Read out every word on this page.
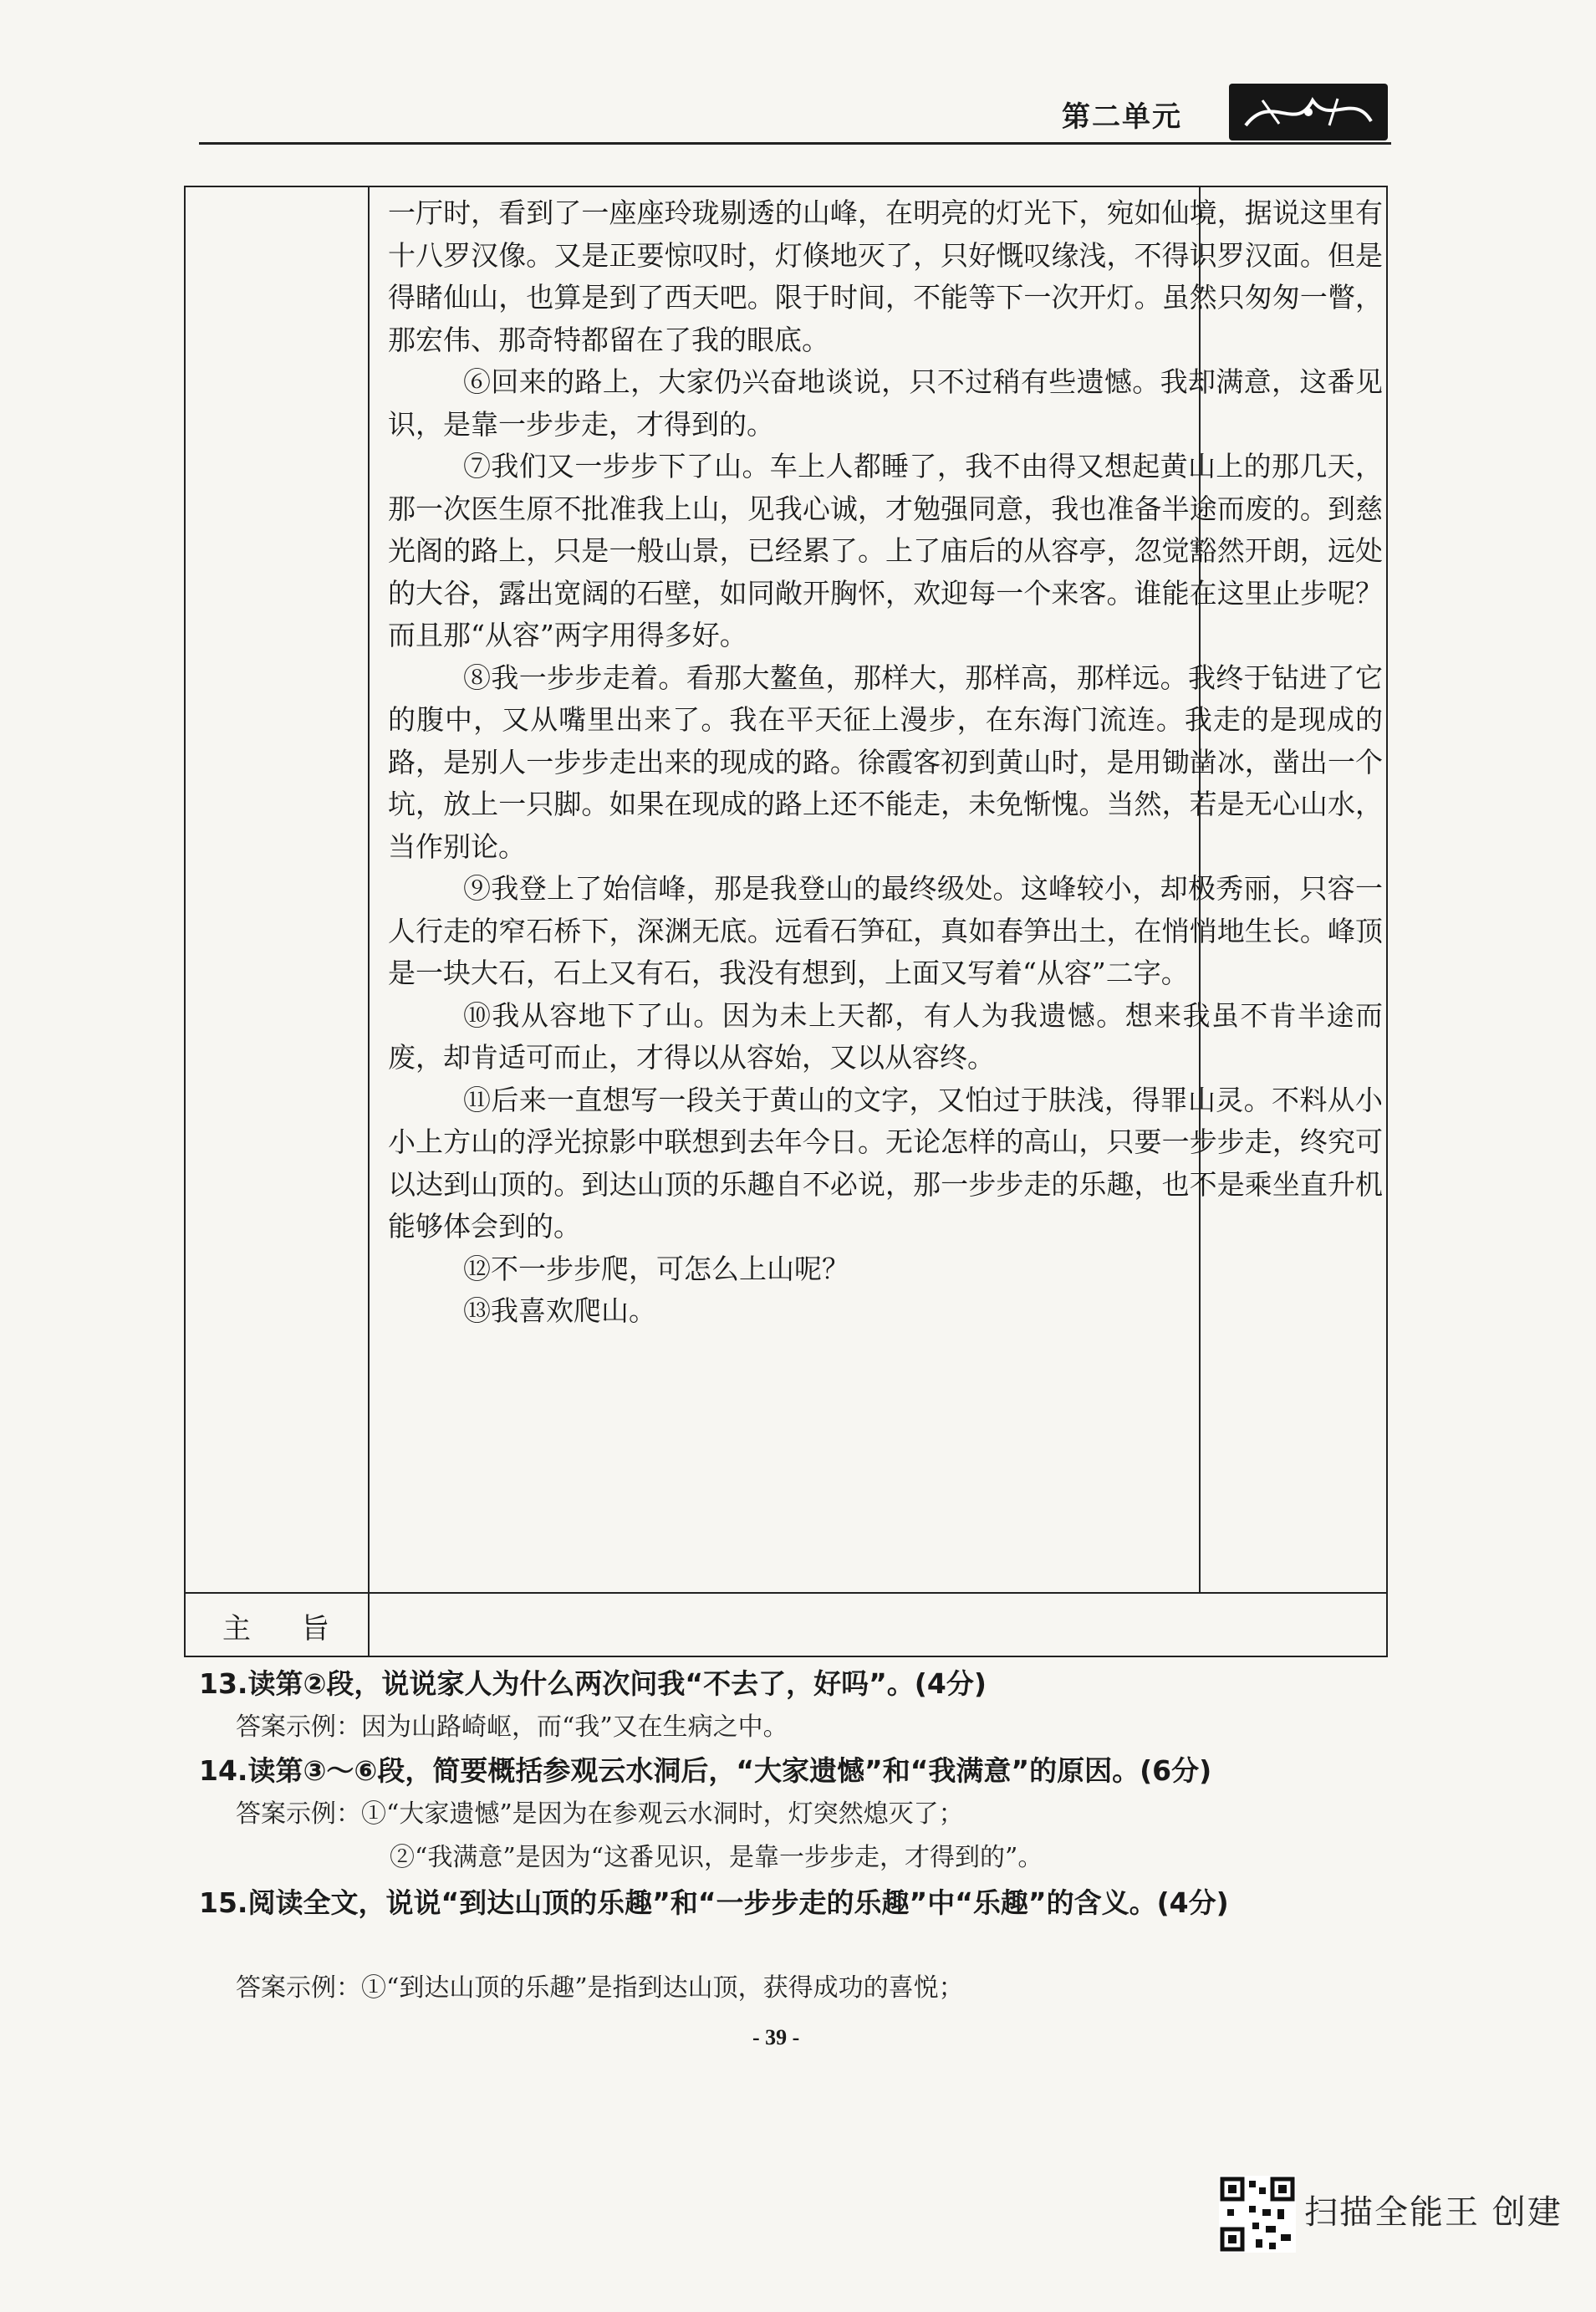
第二单元

一厅时，看到了一座座玲珑剔透的山峰，在明亮的灯光下，宛如仙境，据说这里有十八罗汉像。又是正要惊叹时，灯倏地灭了，只好慨叹缘浅，不得识罗汉面。但是得睹仙山，也算是到了西天吧。限于时间，不能等下一次开灯。虽然只匆匆一瞥，那宏伟、那奇特都留在了我的眼底。

⑥回来的路上，大家仍兴奋地谈说，只不过稍有些遗憾。我却满意，这番见识，是靠一步步走，才得到的。

⑦我们又一步步下了山。车上人都睡了，我不由得又想起黄山上的那几天，那一次医生原不批准我上山，见我心诚，才勉强同意，我也准备半途而废的。到慈光阁的路上，只是一般山景，已经累了。上了庙后的从容亭，忽觉豁然开朗，远处的大谷，露出宽阔的石壁，如同敞开胸怀，欢迎每一个来客。谁能在这里止步呢？而且那“从容”两字用得多好。

⑧我一步步走着。看那大鳌鱼，那样大，那样高，那样远。我终于钻进了它的腹中，又从嘴里出来了。我在平天征上漫步，在东海门流连。我走的是现成的路，是别人一步步走出来的现成的路。徐霞客初到黄山时，是用锄凿冰，凿出一个坑，放上一只脚。如果在现成的路上还不能走，未免惭愧。当然，若是无心山水，当作别论。

⑨我登上了始信峰，那是我登山的最终级处。这峰较小，却极秀丽，只容一人行走的窄石桥下，深渊无底。远看石笋矼，真如春笋出土，在悄悄地生长。峰顶是一块大石，石上又有石，我没有想到，上面又写着“从容”二字。

⑩我从容地下了山。因为未上天都，有人为我遗憾。想来我虽不肯半途而废，却肯适可而止，才得以从容始，又以从容终。

⑪后来一直想写一段关于黄山的文字，又怕过于肤浅，得罪山灵。不料从小小上方山的浮光掠影中联想到去年今日。无论怎样的高山，只要一步步走，终究可以达到山顶的。到达山顶的乐趣自不必说，那一步步走的乐趣，也不是乘坐直升机能够体会到的。

⑫不一步步爬，可怎么上山呢？

⑬我喜欢爬山。

主旨
13.读第②段，说说家人为什么两次问我“不去了，好吗”。(4分)
答案示例：因为山路崎岖，而“我”又在生病之中。
14.读第③～⑥段，简要概括参观云水洞后，“大家遗憾”和“我满意”的原因。(6分)
答案示例：①“大家遗憾”是因为在参观云水洞时，灯突然熄灭了；
②“我满意”是因为“这番见识，是靠一步步走，才得到的”。
15.阅读全文，说说“到达山顶的乐趣”和“一步步走的乐趣”中“乐趣”的含义。(4分)
答案示例：①“到达山顶的乐趣”是指到达山顶，获得成功的喜悦；
- 39 -
扫描全能王 创建
